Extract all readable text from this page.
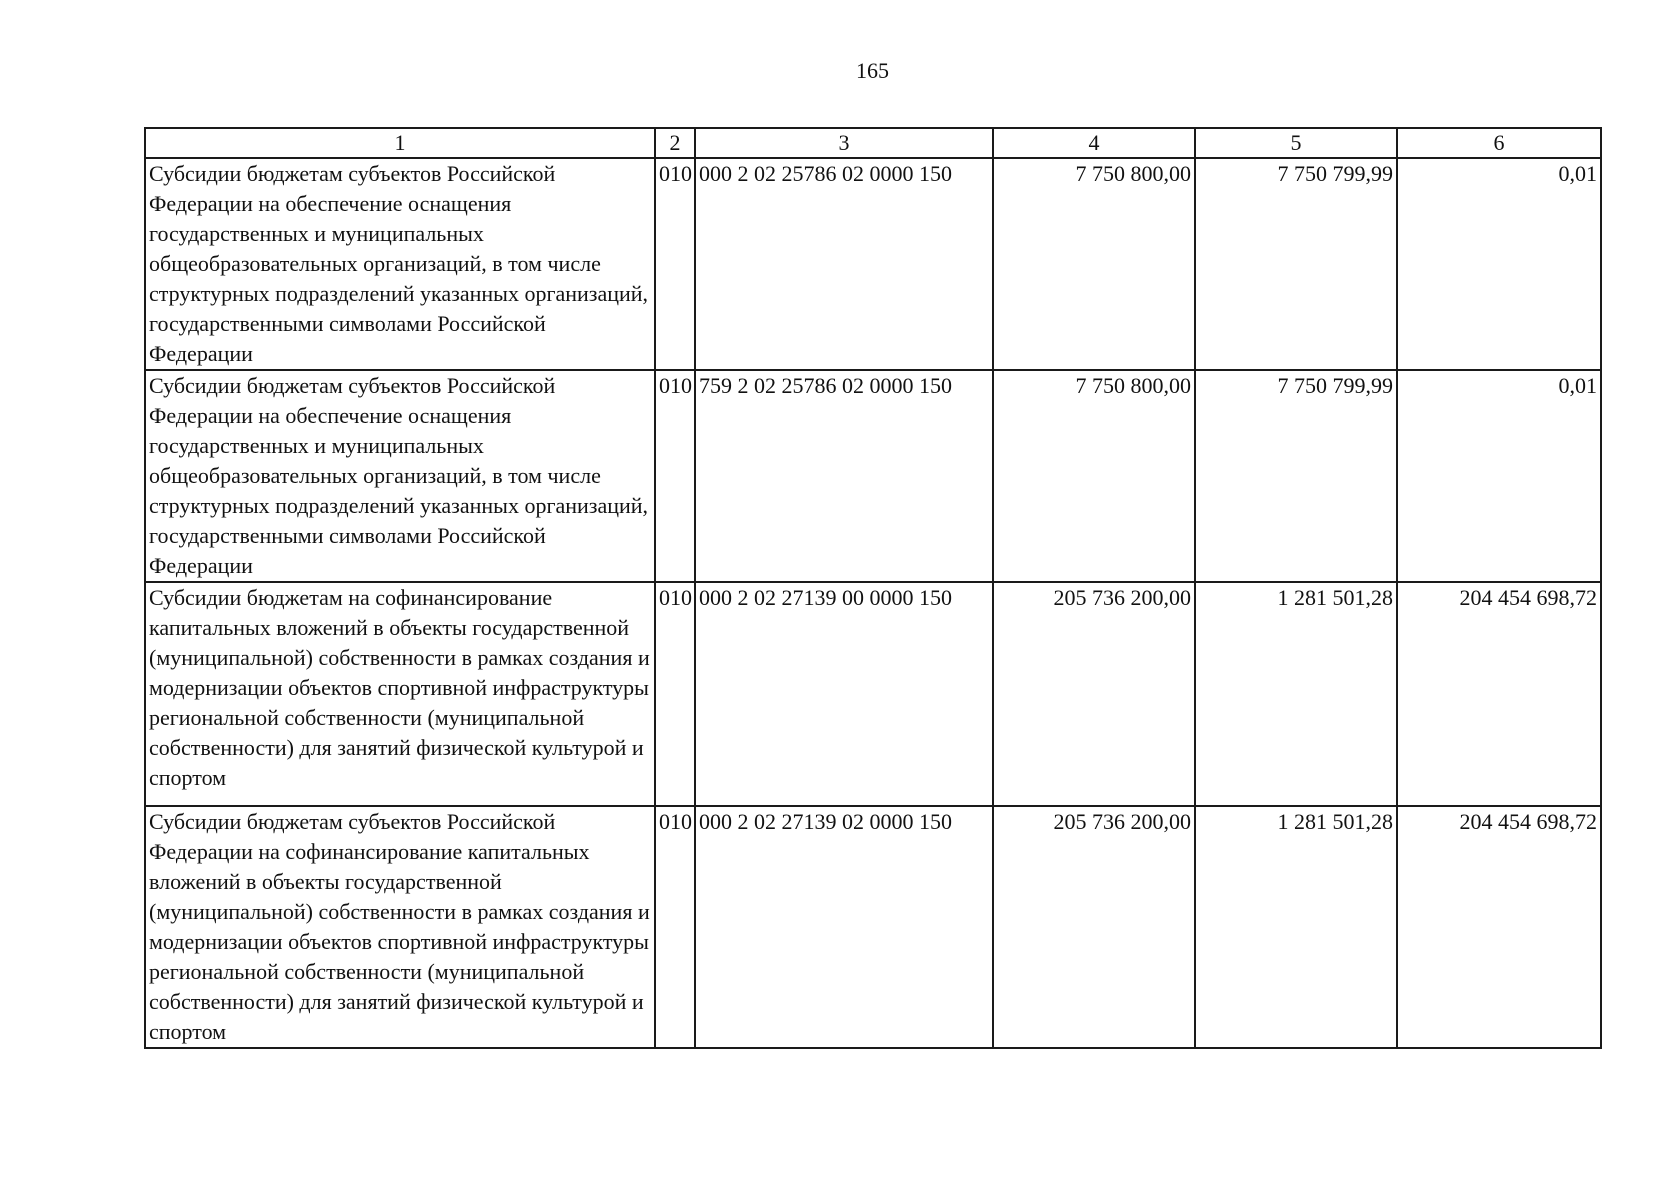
165
1	2	3	4	5	6
Субсидии бюджетам субъектов Российской Федерации на обеспечение оснащения государственных и муниципальных общеобразовательных организаций, в том числе структурных подразделений указанных организаций, государственными символами Российской Федерации	010	000 2 02 25786 02 0000 150	7 750 800,00	7 750 799,99	0,01
Субсидии бюджетам субъектов Российской Федерации на обеспечение оснащения государственных и муниципальных общеобразовательных организаций, в том числе структурных подразделений указанных организаций, государственными символами Российской Федерации	010	759 2 02 25786 02 0000 150	7 750 800,00	7 750 799,99	0,01
Субсидии бюджетам на софинансирование капитальных вложений в объекты государственной (муниципальной) собственности в рамках создания и модернизации объектов спортивной инфраструктуры региональной собственности (муниципальной собственности) для занятий физической культурой и спортом	010	000 2 02 27139 00 0000 150	205 736 200,00	1 281 501,28	204 454 698,72
Субсидии бюджетам субъектов Российской Федерации на софинансирование капитальных вложений в объекты государственной (муниципальной) собственности в рамках создания и модернизации объектов спортивной инфраструктуры региональной собственности (муниципальной собственности) для занятий физической культурой и спортом	010	000 2 02 27139 02 0000 150	205 736 200,00	1 281 501,28	204 454 698,72
